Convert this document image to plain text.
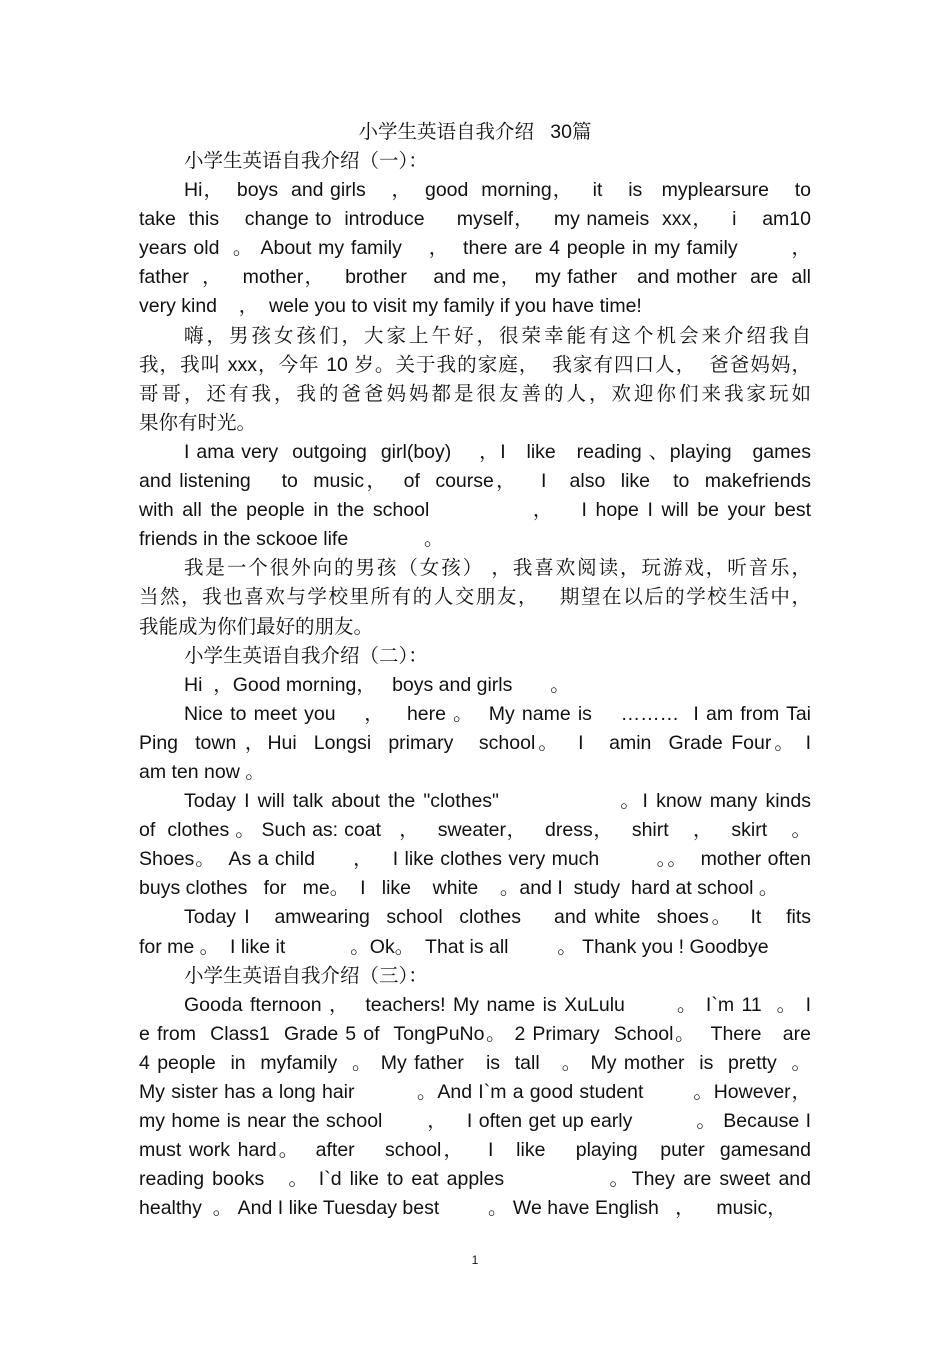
小学生英语自我介绍   30篇
小学生英语自我介绍（一）：

Hi，  boys  and girls    ，  good  morning，   it    is   myplearsure    to

take  this    change to  introduce     myself，   my nameis  xxx，   i    am10

years old  。 About my family    ，  there are 4 people in my family        ，

father  ，   mother，   brother    and me，  my father   and mother  are  all

very kind    ，  wele you to visit my family if you have time!

嗨，男孩女孩们，大家上午好，很荣幸能有这个机会来介绍我自

我，我叫 xxx，今年 10 岁。关于我的家庭，  我家有四口人，  爸爸妈妈，

哥哥，还有我，我的爸爸妈妈都是很友善的人，欢迎你们来我家玩如

果你有时光。

I ama very  outgoing  girl(boy)    ，I   like   reading 、playing   games

and listening    to  music，  of  course，   I   also  like   to  makefriends

with all the people in the school            ，   I hope I will be your best

friends in the sckooe life              。

我是一个很外向的男孩（女孩） ，我喜欢阅读，玩游戏，听音乐，

当然，我也喜欢与学校里所有的人交朋友，   期望在以后的学校生活中，

我能成为你们最好的朋友。

小学生英语自我介绍（二）：

Hi  ，Good morning，   boys and girls       。

Nice to meet you    ，   here 。  My name is    ………  I am from Tai

Ping  town ，Hui  Longsi  primary   school。  I   amin  Grade Four。 I

am ten now 。

Today I will talk about the "clothes"               。I know many kinds

of  clothes 。 Such as: coat   ，   sweater，   dress，   shirt    ，   skirt    。

Shoes。  As a child      ，   I like clothes very much         。。  mother often

buys clothes   for   me。  I   like    white    。and I  study  hard at school 。

Today I   amwearing  school  clothes    and white  shoes。  It   fits

for me 。  I like it            。Ok。  That is all         。 Thank you ! Goodbye

小学生英语自我介绍（三）：

Gooda fternoon ，  teachers! My name is XuLulu       。 I`m 11  。 I

e from  Class1  Grade 5 of  TongPuNo。 2 Primary  School。  There   are

4 people  in  myfamily  。 My father   is  tall   。 My mother  is  pretty  。

My sister has a long hair          。And I`m a good student        。However，

my home is near the school       ，   I often get up early          。 Because I

must work hard。  after    school，   I   like    playing   puter  gamesand

reading books   。 I`d like to eat apples             。They are sweet and

healthy  。 And I like Tuesday best         。 We have English   ，    music，

1
